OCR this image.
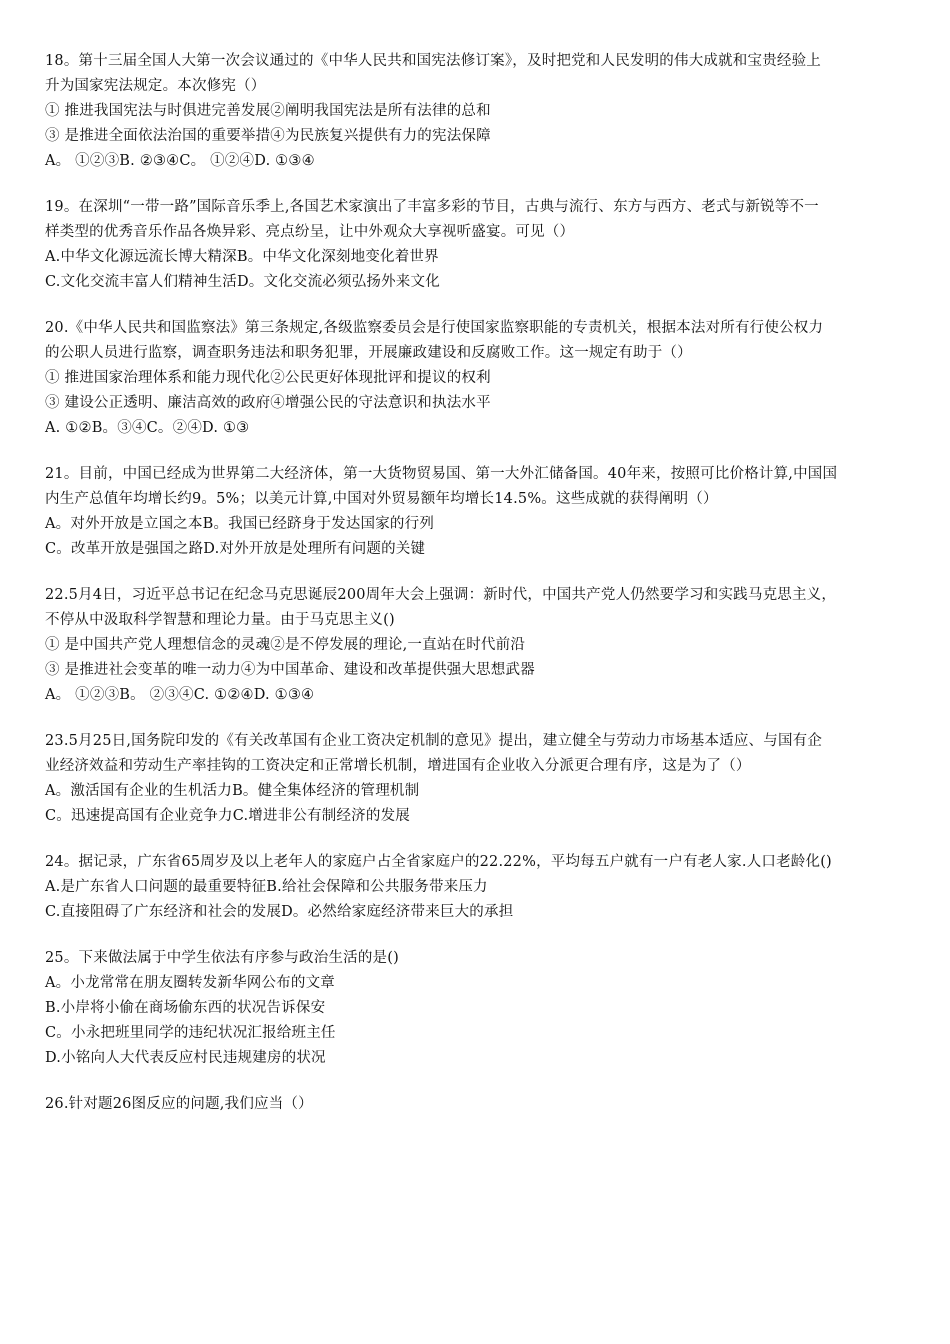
18。第十三届全国人大第一次会议通过的《中华人民共和国宪法修订案》，及时把党和人民发明的伟大成就和宝贵经验上
升为国家宪法规定。本次修宪（）
① 推进我国宪法与时俱进完善发展②阐明我国宪法是所有法律的总和
③ 是推进全面依法治国的重要举措④为民族复兴提供有力的宪法保障
A。 ①②③B. ②③④C。 ①②④D. ①③④
19。在深圳“一带一路”国际音乐季上,各国艺术家演出了丰富多彩的节目，古典与流行、东方与西方、老式与新锐等不一
样类型的优秀音乐作品各焕异彩、亮点纷呈，让中外观众大享视听盛宴。可见（）
A.中华文化源远流长博大精深B。中华文化深刻地变化着世界
C.文化交流丰富人们精神生活D。文化交流必须弘扬外来文化
20.《中华人民共和国监察法》第三条规定,各级监察委员会是行使国家监察职能的专责机关，根据本法对所有行使公权力
的公职人员进行监察，调查职务违法和职务犯罪，开展廉政建设和反腐败工作。这一规定有助于（）
① 推进国家治理体系和能力现代化②公民更好体现批评和提议的权利
③ 建设公正透明、廉洁高效的政府④增强公民的守法意识和执法水平
A. ①②B。③④C。②④D. ①③
21。目前，中国已经成为世界第二大经济体，第一大货物贸易国、第一大外汇储备国。40年来，按照可比价格计算,中国国
内生产总值年均增长约9。5%；以美元计算,中国对外贸易额年均增长14.5%。这些成就的获得阐明（）
A。对外开放是立国之本B。我国已经跻身于发达国家的行列
C。改革开放是强国之路D.对外开放是处理所有问题的关键
22.5月4日，习近平总书记在纪念马克思诞辰200周年大会上强调：新时代，中国共产党人仍然要学习和实践马克思主义，
不停从中汲取科学智慧和理论力量。由于马克思主义()
① 是中国共产党人理想信念的灵魂②是不停发展的理论,一直站在时代前沿
③ 是推进社会变革的唯一动力④为中国革命、建设和改革提供强大思想武器
A。 ①②③B。 ②③④C. ①②④D. ①③④
23.5月25日,国务院印发的《有关改革国有企业工资决定机制的意见》提出，建立健全与劳动力市场基本适应、与国有企
业经济效益和劳动生产率挂钩的工资决定和正常增长机制，增进国有企业收入分派更合理有序，这是为了（）
A。激活国有企业的生机活力B。健全集体经济的管理机制
C。迅速提高国有企业竞争力C.增进非公有制经济的发展
24。据记录，广东省65周岁及以上老年人的家庭户占全省家庭户的22.22%，平均每五户就有一户有老人家.人口老龄化()
A.是广东省人口问题的最重要特征B.给社会保障和公共服务带来压力
C.直接阻碍了广东经济和社会的发展D。必然给家庭经济带来巨大的承担
25。下来做法属于中学生依法有序参与政治生活的是()
A。小龙常常在朋友圈转发新华网公布的文章
B.小岸将小偷在商场偷东西的状况告诉保安
C。小永把班里同学的违纪状况汇报给班主任
D.小铭向人大代表反应村民违规建房的状况
26.针对题26图反应的问题,我们应当（）
